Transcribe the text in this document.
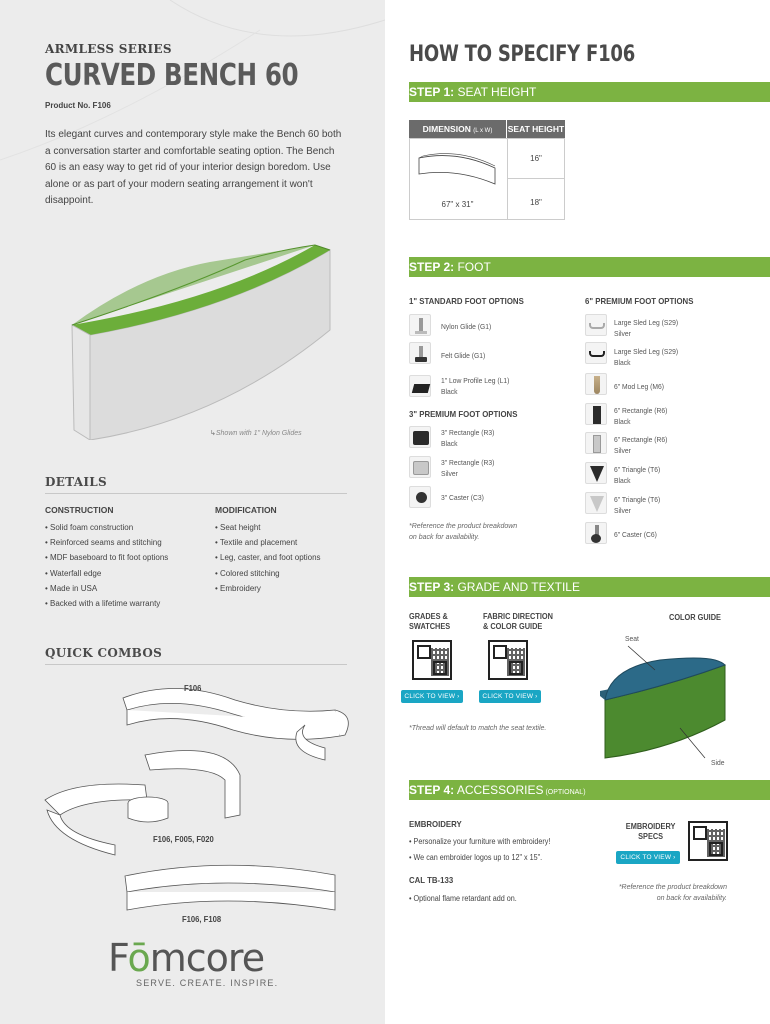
ARMLESS SERIES
CURVED BENCH 60
Product No. F106
Its elegant curves and contemporary style make the Bench 60 both a conversation starter and comfortable seating option. The Bench 60 is an easy way to get rid of your interior design boredom. Use alone or as part of your modern seating arrangement it won't disappoint.
↳Shown with 1" Nylon Glides
DETAILS
CONSTRUCTION
• Solid foam construction
• Reinforced seams and stitching
• MDF baseboard to fit foot options
• Waterfall edge
• Made in USA
• Backed with a lifetime warranty
MODIFICATION
• Seat height
• Textile and placement
• Leg, caster, and foot options
• Colored stitching
• Embroidery
QUICK COMBOS
F106
F106, F005, F020
F106, F108
Fōmcore
SERVE. CREATE. INSPIRE.
HOW TO SPECIFY F106
STEP 1: SEAT HEIGHT
DIMENSION (L x W)	SEAT HEIGHT
67" x 31"
16"
18"
STEP 2: FOOT
1" STANDARD FOOT OPTIONS	6" PREMIUM FOOT OPTIONS
Nylon Glide (G1)
Felt Glide (G1)
1" Low Profile Leg (L1)
Black
3" PREMIUM FOOT OPTIONS
3" Rectangle (R3)
Black
3" Rectangle (R3)
Silver
3" Caster (C3)
*Reference the product breakdown
on back for availability.
Large Sled Leg (S29)
Silver
Large Sled Leg (S29)
Black
6" Mod Leg (M6)
6" Rectangle (R6)
Black
6" Rectangle (R6)
Silver
6" Triangle (T6)
Black
6" Triangle (T6)
Silver
6" Caster (C6)
STEP 3: GRADE AND TEXTILE
GRADES &
SWATCHES
FABRIC DIRECTION
& COLOR GUIDE
COLOR GUIDE
CLICK TO VIEW ›	CLICK TO VIEW ›
*Thread will default to match the seat textile.
Seat
Side
STEP 4: ACCESSORIES (OPTIONAL)
EMBROIDERY
• Personalize your furniture with embroidery!
• We can embroider logos up to 12" x 15".
CAL TB-133
• Optional flame retardant add on.
EMBROIDERY
SPECS
CLICK TO VIEW ›
*Reference the product breakdown
on back for availability.
